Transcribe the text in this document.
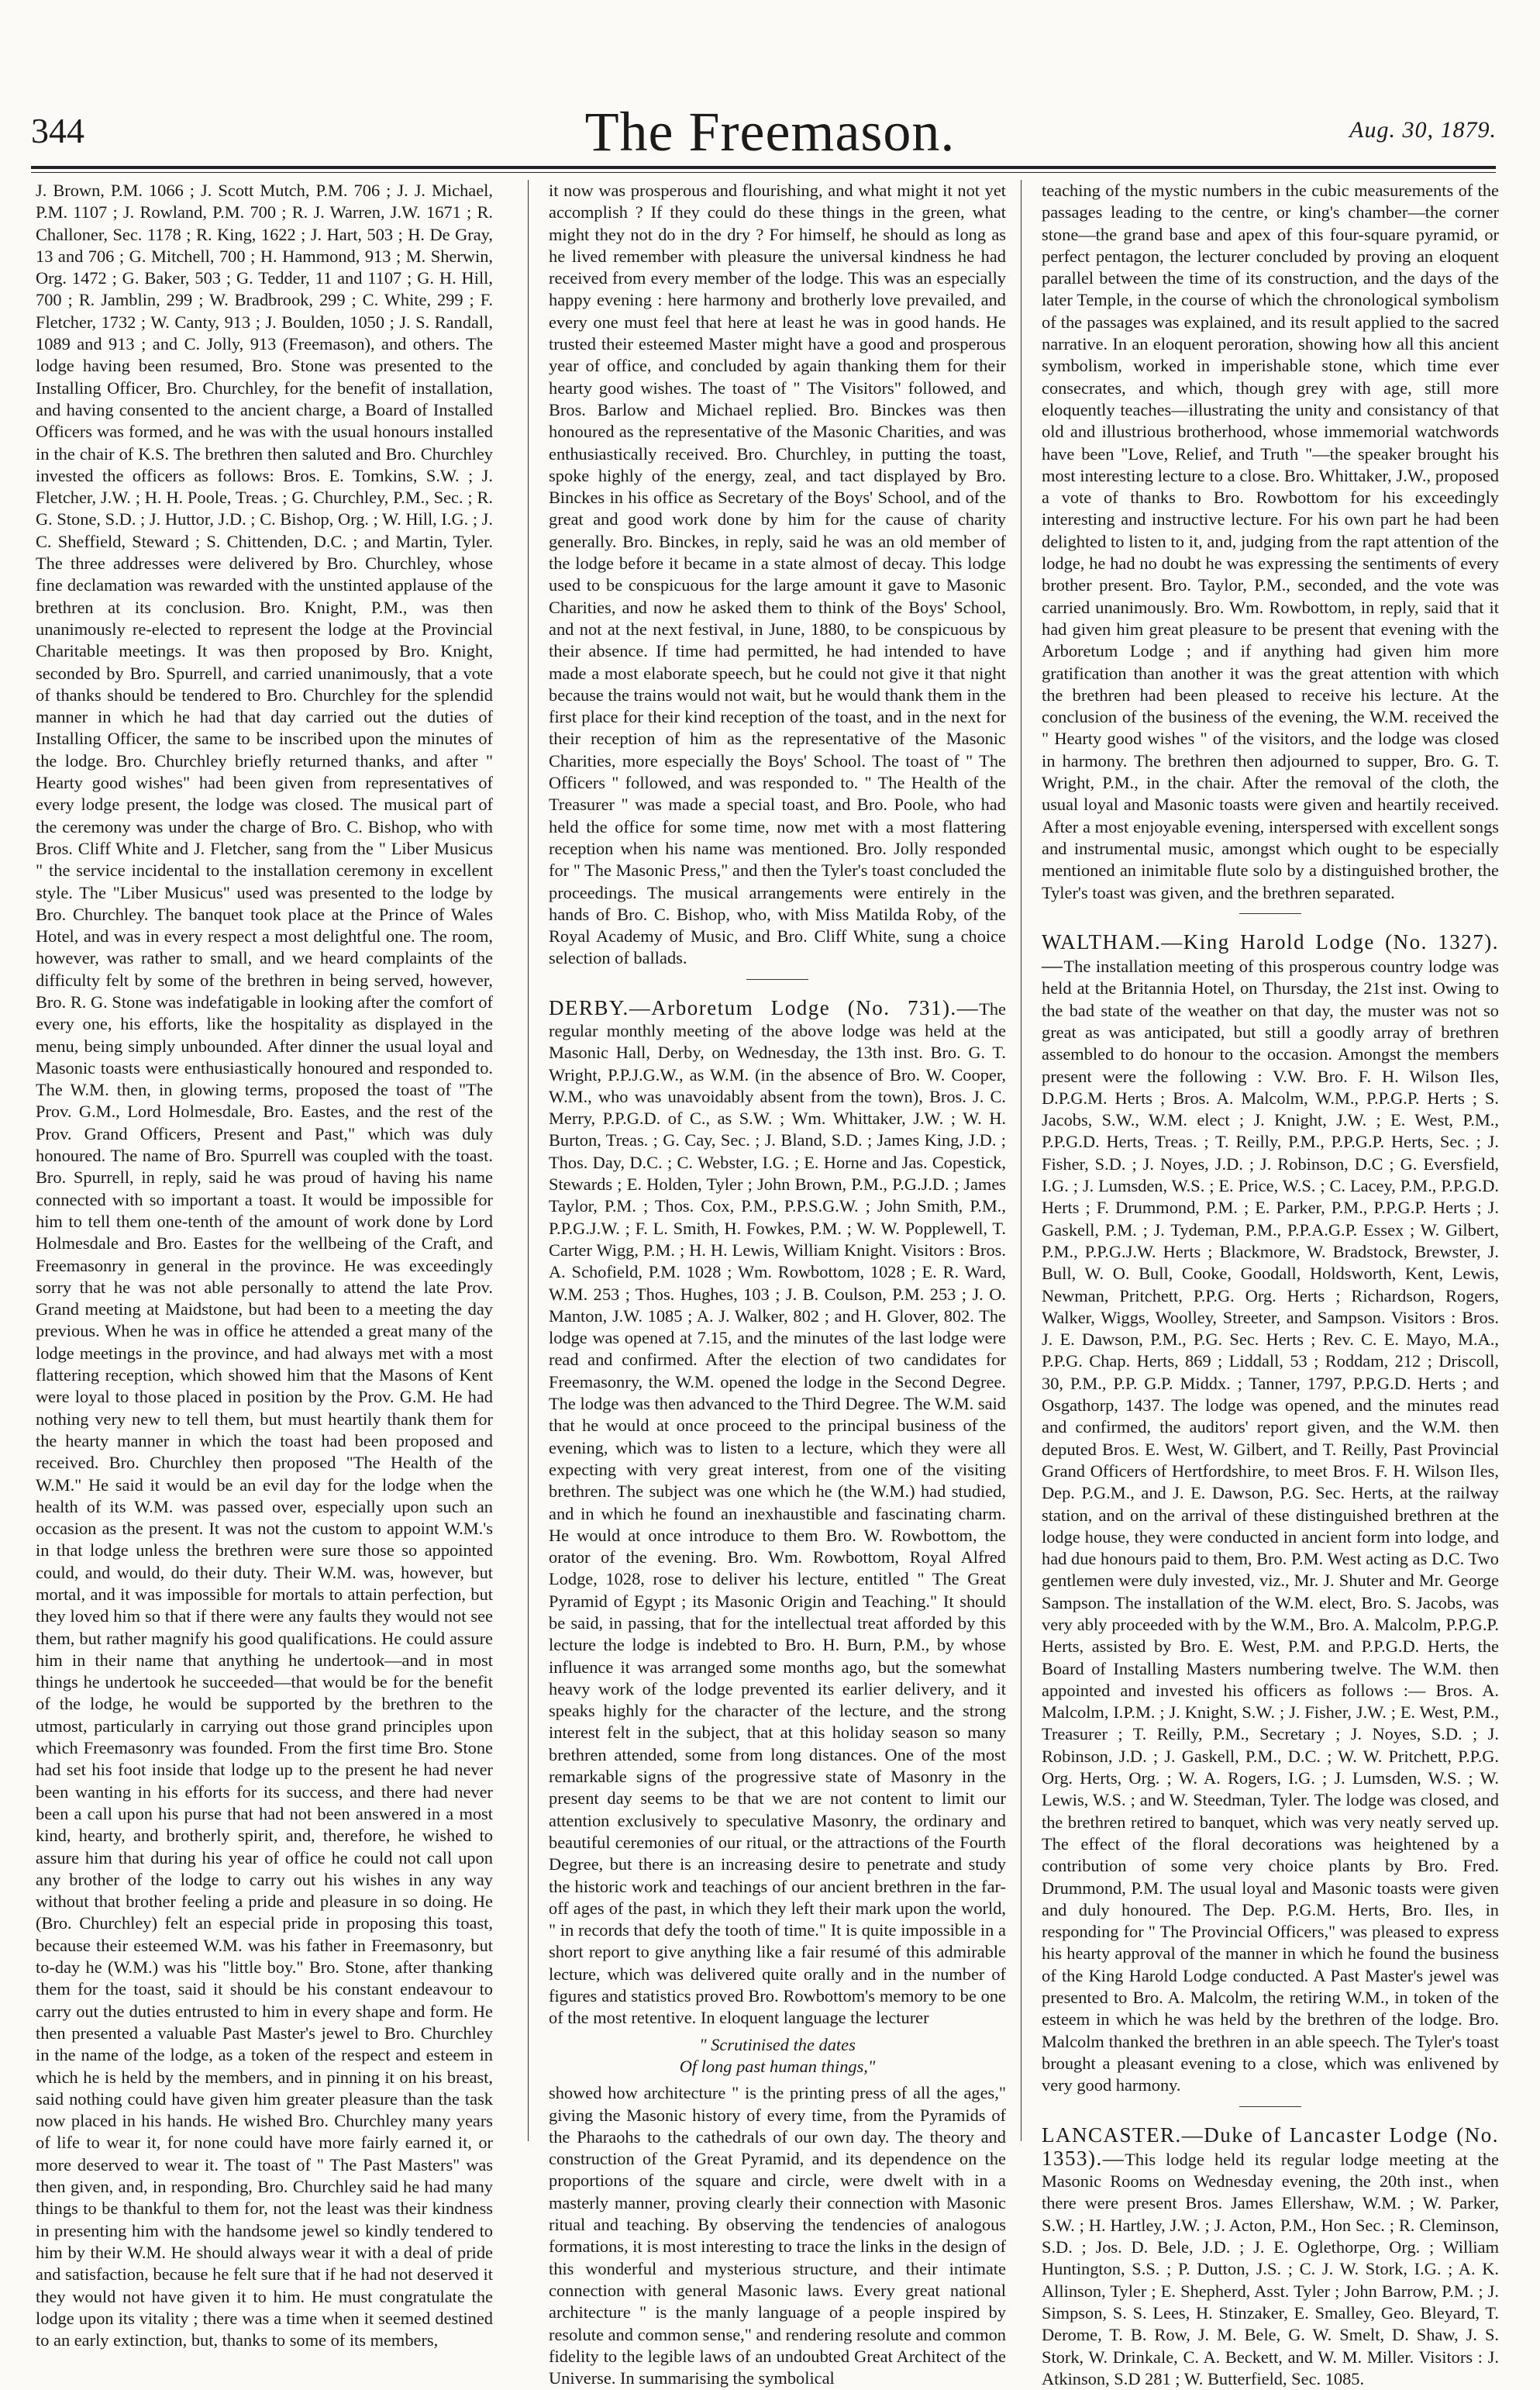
344	The Freemason.	Aug. 30, 1879.

J. Brown, P.M. 1066 ; J. Scott Mutch, P.M. 706 ; J. J. Michael, P.M. 1107 ; J. Rowland, P.M. 700 ; R. J. Warren, J.W. 1671 ; R. Challoner, Sec. 1178 ; R. King, 1622 ; J. Hart, 503 ; H. De Gray, 13 and 706 ; G. Mitchell, 700 ; H. Hammond, 913 ; M. Sherwin, Org. 1472 ; G. Baker, 503 ; G. Tedder, 11 and 1107 ; G. H. Hill, 700 ; R. Jamblin, 299 ; W. Bradbrook, 299 ; C. White, 299 ; F. Fletcher, 1732 ; W. Canty, 913 ; J. Boulden, 1050 ; J. S. Randall, 1089 and 913 ; and C. Jolly, 913 (Freemason), and others. The lodge having been resumed, Bro. Stone was presented to the Installing Officer, Bro. Churchley, for the benefit of installation, and having consented to the ancient charge, a Board of Installed Officers was formed, and he was with the usual honours installed in the chair of K.S. The brethren then saluted and Bro. Churchley invested the officers as follows: Bros. E. Tomkins, S.W. ; J. Fletcher, J.W. ; H. H. Poole, Treas. ; G. Churchley, P.M., Sec. ; R. G. Stone, S.D. ; J. Huttor, J.D. ; C. Bishop, Org. ; W. Hill, I.G. ; J. C. Sheffield, Steward ; S. Chittenden, D.C. ; and Martin, Tyler. The three addresses were delivered by Bro. Churchley, whose fine declamation was rewarded with the unstinted applause of the brethren at its conclusion. Bro. Knight, P.M., was then unanimously re-elected to represent the lodge at the Provincial Charitable meetings. It was then proposed by Bro. Knight, seconded by Bro. Spurrell, and carried unanimously, that a vote of thanks should be tendered to Bro. Churchley for the splendid manner in which he had that day carried out the duties of Installing Officer, the same to be inscribed upon the minutes of the lodge. Bro. Churchley briefly returned thanks, and after " Hearty good wishes" had been given from representatives of every lodge present, the lodge was closed. The musical part of the ceremony was under the charge of Bro. C. Bishop, who with Bros. Cliff White and J. Fletcher, sang from the " Liber Musicus " the service incidental to the installation ceremony in excellent style. The "Liber Musicus" used was presented to the lodge by Bro. Churchley. The banquet took place at the Prince of Wales Hotel, and was in every respect a most delightful one. The room, however, was rather to small, and we heard complaints of the difficulty felt by some of the brethren in being served, however, Bro. R. G. Stone was indefatigable in looking after the comfort of every one, his efforts, like the hospitality as displayed in the menu, being simply unbounded. After dinner the usual loyal and Masonic toasts were enthusiastically honoured and responded to. The W.M. then, in glowing terms, proposed the toast of "The Prov. G.M., Lord Holmesdale, Bro. Eastes, and the rest of the Prov. Grand Officers, Present and Past," which was duly honoured. The name of Bro. Spurrell was coupled with the toast. Bro. Spurrell, in reply, said he was proud of having his name connected with so important a toast. It would be impossible for him to tell them one-tenth of the amount of work done by Lord Holmesdale and Bro. Eastes for the wellbeing of the Craft, and Freemasonry in general in the province. He was exceedingly sorry that he was not able personally to attend the late Prov. Grand meeting at Maidstone, but had been to a meeting the day previous. When he was in office he attended a great many of the lodge meetings in the province, and had always met with a most flattering reception, which showed him that the Masons of Kent were loyal to those placed in position by the Prov. G.M. He had nothing very new to tell them, but must heartily thank them for the hearty manner in which the toast had been proposed and received. Bro. Churchley then proposed "The Health of the W.M." He said it would be an evil day for the lodge when the health of its W.M. was passed over, especially upon such an occasion as the present. It was not the custom to appoint W.M.'s in that lodge unless the brethren were sure those so appointed could, and would, do their duty. Their W.M. was, however, but mortal, and it was impossible for mortals to attain perfection, but they loved him so that if there were any faults they would not see them, but rather magnify his good qualifications. He could assure him in their name that anything he undertook—and in most things he undertook he succeeded—that would be for the benefit of the lodge, he would be supported by the brethren to the utmost, particularly in carrying out those grand principles upon which Freemasonry was founded. From the first time Bro. Stone had set his foot inside that lodge up to the present he had never been wanting in his efforts for its success, and there had never been a call upon his purse that had not been answered in a most kind, hearty, and brotherly spirit, and, therefore, he wished to assure him that during his year of office he could not call upon any brother of the lodge to carry out his wishes in any way without that brother feeling a pride and pleasure in so doing. He (Bro. Churchley) felt an especial pride in proposing this toast, because their esteemed W.M. was his father in Freemasonry, but to-day he (W.M.) was his "little boy." Bro. Stone, after thanking them for the toast, said it should be his constant endeavour to carry out the duties entrusted to him in every shape and form. He then presented a valuable Past Master's jewel to Bro. Churchley in the name of the lodge, as a token of the respect and esteem in which he is held by the members, and in pinning it on his breast, said nothing could have given him greater pleasure than the task now placed in his hands. He wished Bro. Churchley many years of life to wear it, for none could have more fairly earned it, or more deserved to wear it. The toast of " The Past Masters" was then given, and, in responding, Bro. Churchley said he had many things to be thankful to them for, not the least was their kindness in presenting him with the handsome jewel so kindly tendered to him by their W.M. He should always wear it with a deal of pride and satisfaction, because he felt sure that if he had not deserved it they would not have given it to him. He must congratulate the lodge upon its vitality ; there was a time when it seemed destined to an early extinction, but, thanks to some of its members,

it now was prosperous and flourishing, and what might it not yet accomplish ? If they could do these things in the green, what might they not do in the dry ? For himself, he should as long as he lived remember with pleasure the universal kindness he had received from every member of the lodge. This was an especially happy evening : here harmony and brotherly love prevailed, and every one must feel that here at least he was in good hands. He trusted their esteemed Master might have a good and prosperous year of office, and concluded by again thanking them for their hearty good wishes. The toast of " The Visitors" followed, and Bros. Barlow and Michael replied. Bro. Binckes was then honoured as the representative of the Masonic Charities, and was enthusiastically received. Bro. Churchley, in putting the toast, spoke highly of the energy, zeal, and tact displayed by Bro. Binckes in his office as Secretary of the Boys' School, and of the great and good work done by him for the cause of charity generally. Bro. Binckes, in reply, said he was an old member of the lodge before it became in a state almost of decay. This lodge used to be conspicuous for the large amount it gave to Masonic Charities, and now he asked them to think of the Boys' School, and not at the next festival, in June, 1880, to be conspicuous by their absence. If time had permitted, he had intended to have made a most elaborate speech, but he could not give it that night because the trains would not wait, but he would thank them in the first place for their kind reception of the toast, and in the next for their reception of him as the representative of the Masonic Charities, more especially the Boys' School. The toast of " The Officers " followed, and was responded to. " The Health of the Treasurer " was made a special toast, and Bro. Poole, who had held the office for some time, now met with a most flattering reception when his name was mentioned. Bro. Jolly responded for " The Masonic Press," and then the Tyler's toast concluded the proceedings. The musical arrangements were entirely in the hands of Bro. C. Bishop, who, with Miss Matilda Roby, of the Royal Academy of Music, and Bro. Cliff White, sung a choice selection of ballads.

DERBY.—Arboretum Lodge (No. 731).—The regular monthly meeting of the above lodge was held at the Masonic Hall, Derby, on Wednesday, the 13th inst. Bro. G. T. Wright, P.P.J.G.W., as W.M. (in the absence of Bro. W. Cooper, W.M., who was unavoidably absent from the town), Bros. J. C. Merry, P.P.G.D. of C., as S.W. ; Wm. Whittaker, J.W. ; W. H. Burton, Treas. ; G. Cay, Sec. ; J. Bland, S.D. ; James King, J.D. ; Thos. Day, D.C. ; C. Webster, I.G. ; E. Horne and Jas. Copestick, Stewards ; E. Holden, Tyler ; John Brown, P.M., P.G.J.D. ; James Taylor, P.M. ; Thos. Cox, P.M., P.P.S.G.W. ; John Smith, P.M., P.P.G.J.W. ; F. L. Smith, H. Fowkes, P.M. ; W. W. Popplewell, T. Carter Wigg, P.M. ; H. H. Lewis, William Knight. Visitors : Bros. A. Schofield, P.M. 1028 ; Wm. Rowbottom, 1028 ; E. R. Ward, W.M. 253 ; Thos. Hughes, 103 ; J. B. Coulson, P.M. 253 ; J. O. Manton, J.W. 1085 ; A. J. Walker, 802 ; and H. Glover, 802. The lodge was opened at 7.15, and the minutes of the last lodge were read and confirmed. After the election of two candidates for Freemasonry, the W.M. opened the lodge in the Second Degree. The lodge was then advanced to the Third Degree. The W.M. said that he would at once proceed to the principal business of the evening, which was to listen to a lecture, which they were all expecting with very great interest, from one of the visiting brethren. The subject was one which he (the W.M.) had studied, and in which he found an inexhaustible and fascinating charm. He would at once introduce to them Bro. W. Rowbottom, the orator of the evening. Bro. Wm. Rowbottom, Royal Alfred Lodge, 1028, rose to deliver his lecture, entitled " The Great Pyramid of Egypt ; its Masonic Origin and Teaching." It should be said, in passing, that for the intellectual treat afforded by this lecture the lodge is indebted to Bro. H. Burn, P.M., by whose influence it was arranged some months ago, but the somewhat heavy work of the lodge prevented its earlier delivery, and it speaks highly for the character of the lecture, and the strong interest felt in the subject, that at this holiday season so many brethren attended, some from long distances. One of the most remarkable signs of the progressive state of Masonry in the present day seems to be that we are not content to limit our attention exclusively to speculative Masonry, the ordinary and beautiful ceremonies of our ritual, or the attractions of the Fourth Degree, but there is an increasing desire to penetrate and study the historic work and teachings of our ancient brethren in the far-off ages of the past, in which they left their mark upon the world, " in records that defy the tooth of time." It is quite impossible in a short report to give anything like a fair resumé of this admirable lecture, which was delivered quite orally and in the number of figures and statistics proved Bro. Rowbottom's memory to be one of the most retentive. In eloquent language the lecturer

" Scrutinised the dates
Of long past human things,"

showed how architecture " is the printing press of all the ages," giving the Masonic history of every time, from the Pyramids of the Pharaohs to the cathedrals of our own day. The theory and construction of the Great Pyramid, and its dependence on the proportions of the square and circle, were dwelt with in a masterly manner, proving clearly their connection with Masonic ritual and teaching. By observing the tendencies of analogous formations, it is most interesting to trace the links in the design of this wonderful and mysterious structure, and their intimate connection with general Masonic laws. Every great national architecture " is the manly language of a people inspired by resolute and common sense," and rendering resolute and common fidelity to the legible laws of an undoubted Great Architect of the Universe. In summarising the symbolical

teaching of the mystic numbers in the cubic measurements of the passages leading to the centre, or king's chamber—the corner stone—the grand base and apex of this four-square pyramid, or perfect pentagon, the lecturer concluded by proving an eloquent parallel between the time of its construction, and the days of the later Temple, in the course of which the chronological symbolism of the passages was explained, and its result applied to the sacred narrative. In an eloquent peroration, showing how all this ancient symbolism, worked in imperishable stone, which time ever consecrates, and which, though grey with age, still more eloquently teaches—illustrating the unity and consistancy of that old and illustrious brotherhood, whose immemorial watchwords have been "Love, Relief, and Truth "—the speaker brought his most interesting lecture to a close. Bro. Whittaker, J.W., proposed a vote of thanks to Bro. Rowbottom for his exceedingly interesting and instructive lecture. For his own part he had been delighted to listen to it, and, judging from the rapt attention of the lodge, he had no doubt he was expressing the sentiments of every brother present. Bro. Taylor, P.M., seconded, and the vote was carried unanimously. Bro. Wm. Rowbottom, in reply, said that it had given him great pleasure to be present that evening with the Arboretum Lodge ; and if anything had given him more gratification than another it was the great attention with which the brethren had been pleased to receive his lecture. At the conclusion of the business of the evening, the W.M. received the " Hearty good wishes " of the visitors, and the lodge was closed in harmony. The brethren then adjourned to supper, Bro. G. T. Wright, P.M., in the chair. After the removal of the cloth, the usual loyal and Masonic toasts were given and heartily received. After a most enjoyable evening, interspersed with excellent songs and instrumental music, amongst which ought to be especially mentioned an inimitable flute solo by a distinguished brother, the Tyler's toast was given, and the brethren separated.

WALTHAM.—King Harold Lodge (No. 1327).—The installation meeting of this prosperous country lodge was held at the Britannia Hotel, on Thursday, the 21st inst. Owing to the bad state of the weather on that day, the muster was not so great as was anticipated, but still a goodly array of brethren assembled to do honour to the occasion. Amongst the members present were the following : V.W. Bro. F. H. Wilson Iles, D.P.G.M. Herts ; Bros. A. Malcolm, W.M., P.P.G.P. Herts ; S. Jacobs, S.W., W.M. elect ; J. Knight, J.W. ; E. West, P.M., P.P.G.D. Herts, Treas. ; T. Reilly, P.M., P.P.G.P. Herts, Sec. ; J. Fisher, S.D. ; J. Noyes, J.D. ; J. Robinson, D.C ; G. Eversfield, I.G. ; J. Lumsden, W.S. ; E. Price, W.S. ; C. Lacey, P.M., P.P.G.D. Herts ; F. Drummond, P.M. ; E. Parker, P.M., P.P.G.P. Herts ; J. Gaskell, P.M. ; J. Tydeman, P.M., P.P.A.G.P. Essex ; W. Gilbert, P.M., P.P.G.J.W. Herts ; Blackmore, W. Bradstock, Brewster, J. Bull, W. O. Bull, Cooke, Goodall, Holdsworth, Kent, Lewis, Newman, Pritchett, P.P.G. Org. Herts ; Richardson, Rogers, Walker, Wiggs, Woolley, Streeter, and Sampson. Visitors : Bros. J. E. Dawson, P.M., P.G. Sec. Herts ; Rev. C. E. Mayo, M.A., P.P.G. Chap. Herts, 869 ; Liddall, 53 ; Roddam, 212 ; Driscoll, 30, P.M., P.P. G.P. Middx. ; Tanner, 1797, P.P.G.D. Herts ; and Osgathorp, 1437. The lodge was opened, and the minutes read and confirmed, the auditors' report given, and the W.M. then deputed Bros. E. West, W. Gilbert, and T. Reilly, Past Provincial Grand Officers of Hertfordshire, to meet Bros. F. H. Wilson Iles, Dep. P.G.M., and J. E. Dawson, P.G. Sec. Herts, at the railway station, and on the arrival of these distinguished brethren at the lodge house, they were conducted in ancient form into lodge, and had due honours paid to them, Bro. P.M. West acting as D.C. Two gentlemen were duly invested, viz., Mr. J. Shuter and Mr. George Sampson. The installation of the W.M. elect, Bro. S. Jacobs, was very ably proceeded with by the W.M., Bro. A. Malcolm, P.P.G.P. Herts, assisted by Bro. E. West, P.M. and P.P.G.D. Herts, the Board of Installing Masters numbering twelve. The W.M. then appointed and invested his officers as follows :— Bros. A. Malcolm, I.P.M. ; J. Knight, S.W. ; J. Fisher, J.W. ; E. West, P.M., Treasurer ; T. Reilly, P.M., Secretary ; J. Noyes, S.D. ; J. Robinson, J.D. ; J. Gaskell, P.M., D.C. ; W. W. Pritchett, P.P.G. Org. Herts, Org. ; W. A. Rogers, I.G. ; J. Lumsden, W.S. ; W. Lewis, W.S. ; and W. Steedman, Tyler. The lodge was closed, and the brethren retired to banquet, which was very neatly served up. The effect of the floral decorations was heightened by a contribution of some very choice plants by Bro. Fred. Drummond, P.M. The usual loyal and Masonic toasts were given and duly honoured. The Dep. P.G.M. Herts, Bro. Iles, in responding for " The Provincial Officers," was pleased to express his hearty approval of the manner in which he found the business of the King Harold Lodge conducted. A Past Master's jewel was presented to Bro. A. Malcolm, the retiring W.M., in token of the esteem in which he was held by the brethren of the lodge. Bro. Malcolm thanked the brethren in an able speech. The Tyler's toast brought a pleasant evening to a close, which was enlivened by very good harmony.

LANCASTER.—Duke of Lancaster Lodge (No. 1353).—This lodge held its regular lodge meeting at the Masonic Rooms on Wednesday evening, the 20th inst., when there were present Bros. James Ellershaw, W.M. ; W. Parker, S.W. ; H. Hartley, J.W. ; J. Acton, P.M., Hon Sec. ; R. Cleminson, S.D. ; Jos. D. Bele, J.D. ; J. E. Oglethorpe, Org. ; William Huntington, S.S. ; P. Dutton, J.S. ; C. J. W. Stork, I.G. ; A. K. Allinson, Tyler ; E. Shepherd, Asst. Tyler ; John Barrow, P.M. ; J. Simpson, S. S. Lees, H. Stinzaker, E. Smalley, Geo. Bleyard, T. Derome, T. B. Row, J. M. Bele, G. W. Smelt, D. Shaw, J. S. Stork, W. Drinkale, C. A. Beckett, and W. M. Miller. Visitors : J. Atkinson, S.D 281 ; W. Butterfield, Sec. 1085.
